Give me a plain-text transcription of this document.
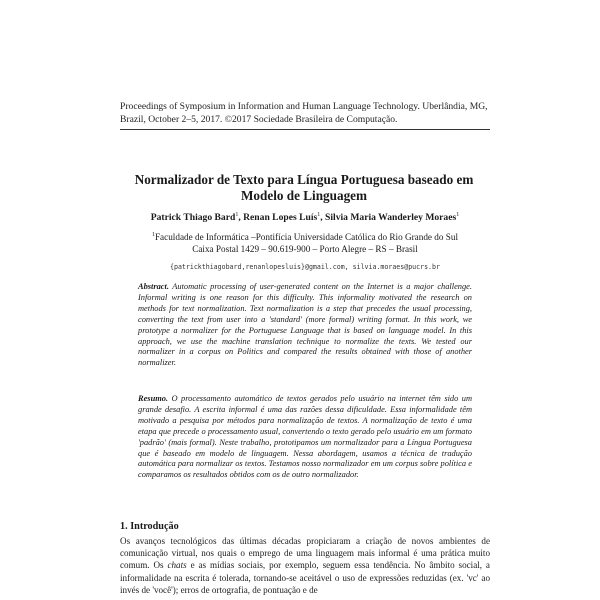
Proceedings of Symposium in Information and Human Language Technology. Uberlândia, MG,
Brazil, October 2–5, 2017. ©2017 Sociedade Brasileira de Computação.
Normalizador de Texto para Língua Portuguesa baseado em
Modelo de Linguagem
Patrick Thiago Bard$^1$, Renan Lopes Luís$^1$, Silvia Maria Wanderley Moraes$^1$
$^1$Faculdade de Informática –Pontifícia Universidade Católica do Rio Grande do Sul
Caixa Postal 1429 – 90.619-900 – Porto Alegre – RS – Brasil
{patrickthiagobard,renanlopesluis}@gmail.com, silvia.moraes@pucrs.br
Abstract. Automatic processing of user-generated content on the Internet is a major challenge. Informal writing is one reason for this difficulty. This informality motivated the research on methods for text normalization. Text normalization is a step that precedes the usual processing, converting the text from user into a 'standard' (more formal) writing format. In this work, we prototype a normalizer for the Portuguese Language that is based on language model. In this approach, we use the machine translation technique to normalize the texts. We tested our normalizer in a corpus on Politics and compared the results obtained with those of another normalizer.
Resumo. O processamento automático de textos gerados pelo usuário na internet têm sido um grande desafio. A escrita informal é uma das razões dessa dificuldade. Essa informalidade têm motivado a pesquisa por métodos para normalização de textos. A normalização de texto é uma etapa que precede o processamento usual, convertendo o texto gerado pelo usuário em um formato 'padrão' (mais formal). Neste trabalho, prototipamos um normalizador para a Língua Portuguesa que é baseado em modelo de linguagem. Nessa abordagem, usamos a técnica de tradução automática para normalizar os textos. Testamos nosso normalizador em um corpus sobre política e comparamos os resultados obtidos com os de outro normalizador.
1. Introdução
Os avanços tecnológicos das últimas décadas propiciaram a criação de novos ambientes de comunicação virtual, nos quais o emprego de uma linguagem mais informal é uma prática muito comum. Os chats e as mídias sociais, por exemplo, seguem essa tendência. No âmbito social, a informalidade na escrita é tolerada, tornando-se aceitável o uso de expressões reduzidas (ex. 'vc' ao invés de 'você'); erros de ortografia, de pontuação e de
